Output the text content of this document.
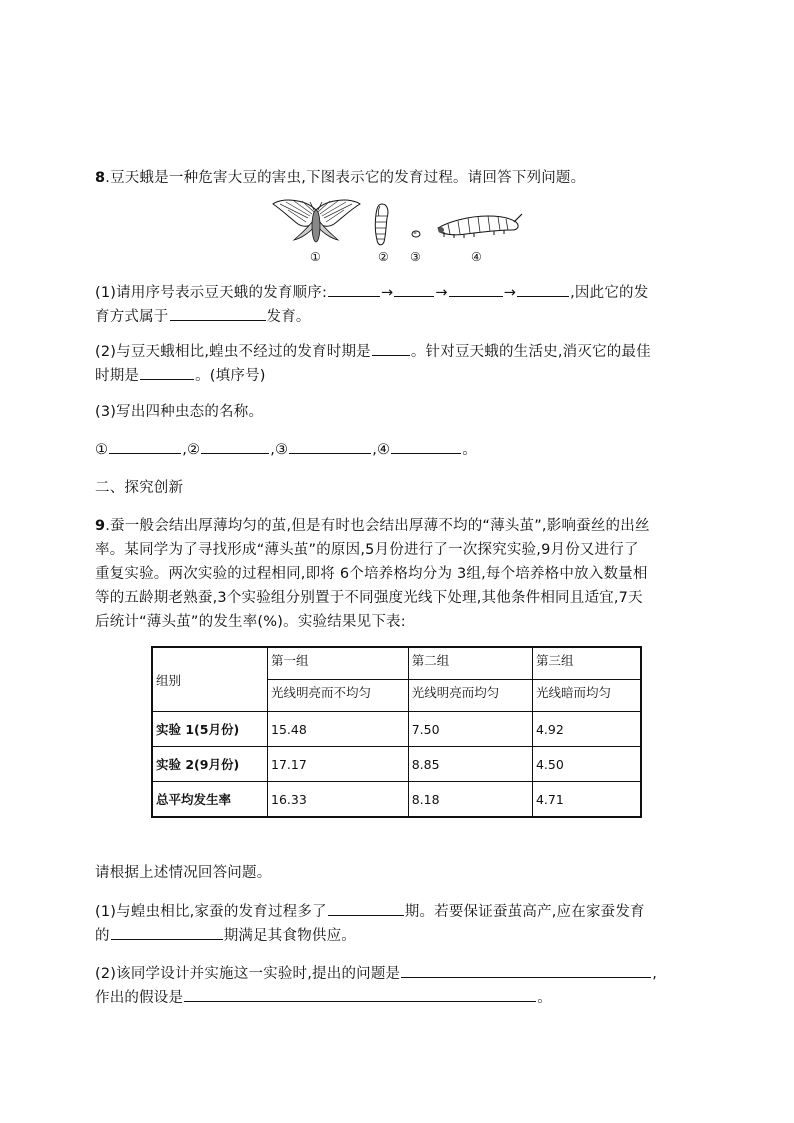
8.豆天蛾是一种危害大豆的害虫,下图表示它的发育过程。请回答下列问题。
①	② ③	④
(1)请用序号表示豆天蛾的发育顺序:	→	→	→	,因此它的发
育方式属于	发育。
(2)与豆天蛾相比,蝗虫不经过的发育时期是	。针对豆天蛾的生活史,消灭它的最佳
时期是	。(填序号)
(3)写出四种虫态的名称。
①	,②	,③	,④	。
二、探究创新
9.蚕一般会结出厚薄均匀的茧,但是有时也会结出厚薄不均的“薄头茧”,影响蚕丝的出丝
率。某同学为了寻找形成“薄头茧”的原因,5月份进行了一次探究实验,9月份又进行了
重复实验。两次实验的过程相同,即将 6个培养格均分为 3组,每个培养格中放入数量相
等的五龄期老熟蚕,3个实验组分别置于不同强度光线下处理,其他条件相同且适宜,7天
后统计“薄头茧”的发生率(%)。实验结果见下表:
组别	第一组	第二组	第三组
	光线明亮而不均匀	光线明亮而均匀	光线暗而均匀
实验 1(5月份)	15.48	7.50	4.92
实验 2(9月份)	17.17	8.85	4.50
总平均发生率	16.33	8.18	4.71
请根据上述情况回答问题。
(1)与蝗虫相比,家蚕的发育过程多了	期。若要保证蚕茧高产,应在家蚕发育
的	期满足其食物供应。
(2)该同学设计并实施这一实验时,提出的问题是	,
作出的假设是	。
